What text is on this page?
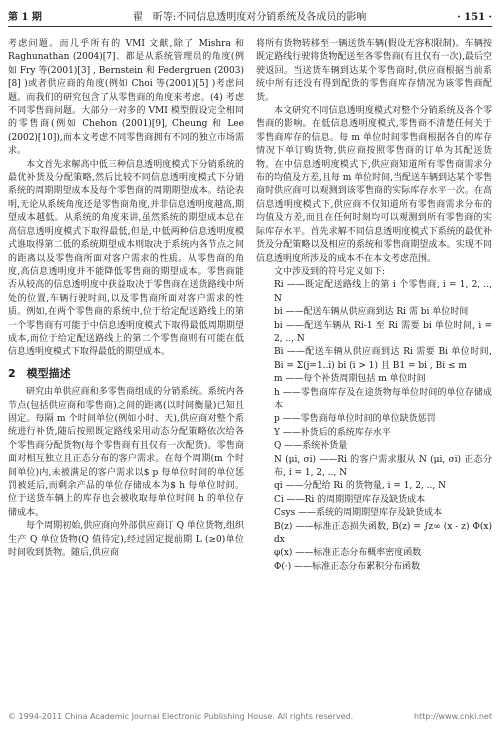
第 1 期	翟　昕等:不同信息透明度对分销系统及各成员的影响	· 151 ·

考虑问题。而几乎所有的 VMI 文献,除了 Mishra 和 Raghunathan (2004)[7]、都是从系统管理员的角度(例如 Fry 等(2001)[3] , Bernstein 和 Federgruen (2003)[8] )或者供应商的角度(例如 Choi 等(2001)[5] )考虑问题。而我们的研究包含了从零售商的角度来考虑。(4) 考虑不同零售商问题。大部分一对多的 VMI 模型假设完全相同的零售商(例如 Chehon (2001)[9], Cheung 和 Lee (2002)[10]),而本文考虑不同零售商拥有不同的独立市场需求。

本文首先求解高中低三种信息透明度模式下分销系统的最优补货及分配策略,然后比较不同信息透明度模式下分销系统的周期期望成本及每个零售商的周期期望成本。结论表明,无论从系统角度还是零售商角度,并非信息透明度越高,期望成本越低。从系统的角度来讲,虽然系统的期望成本总在高信息透明度模式下取得最低,但是,中低两种信息透明度模式谁取得第二低的系统期望成本则取决于系统内各节点之间的距离以及零售商所面对客户需求的性质。从零售商的角度,高信息透明度并不能降低零售商的期望成本。零售商能否从较高的信息透明度中获益取决于零售商在送货路线中所处的位置,车辆行驶时间,以及零售商所面对客户需求的性质。例如,在两个零售商的系统中,位于给定配送路线上的第一个零售商有可能于中信息透明度模式下取得最低周期期望成本,而位于给定配送路线上的第二个零售商则有可能在低信息透明度模式下取得最低的期望成本。

2　模型描述

研究由单供应商和多零售商组成的分销系统。系统内各节点(包括供应商和零售商)之间的距离(以时间衡量)已知且固定。每隔 m 个时间单位(例如小时、天),供应商对整个系统进行补货,随后按照既定路线采用动态分配策略依次给各个零售商分配货物(每个零售商有且仅有一次配货)。零售商面对相互独立且正态分布的客户需求。在每个周期(m 个时间单位)内,未被满足的客户需求以$ p 每单位时间的单位惩罚被延后,而剩余产品的单位存储成本为$ h 每单位时间。位于送货车辆上的库存也会被收取每单位时间 h 的单位存储成本。

每个周期初始,供应商向外部供应商订 Q 单位货物,组织生产 Q 单位货物(Q 值待定),经过固定提前期 L (≥0)单位时间收到货物。随后,供应商

将所有货物转移至一辆送货车辆(假设无容积限制)。车辆按既定路线行驶将货物配送至各零售商(有且仅有一次),最后空驶返回。当送货车辆到达某个零售商时,供应商根据当前系统中所有还没有得到配货的零售商库存情况为该零售商配货。

本文研究不同信息透明度模式对整个分销系统及各个零售商的影响。在低信息透明度模式,零售商不清楚任何关于零售商库存的信息。每 m 单位时间零售商根据各自的库存情况下单订购货物,供应商按照零售商的订单为其配送货物。在中信息透明度模式下,供应商知道所有零售商需求分布的均值及方差,且每 m 单位时间,当配送车辆到达某个零售商时供应商可以观测到该零售商的实际库存水平一次。在高信息透明度模式下,供应商不仅知道所有零售商需求分布的均值及方差,而且在任何时刻均可以观测到所有零售商的实际库存水平。首先求解不同信息透明度模式下系统的最优补货及分配策略以及相应的系统和零售商期望成本。实现不同信息透明度所涉及的成本不在本文考虑范围。

文中涉及到的符号定义如下:

Ri ——既定配送路线上的第 i 个零售商, i = 1, 2, .., N

bi ——配送车辆从供应商到达 Ri 需 bi 单位时间

bi ——配送车辆从 Ri-1 至 Ri 需要 bi 单位时间, i = 2, .., N

Bi ——配送车辆从供应商到达 Ri 需要 Bi 单位时间, Bi = Σ(j=1..i) bi (i > 1) 且 B1 = bi , Bi ≤ m

m ——每个补货周期包括 m 单位时间

h ——零售商库存及在途货物每单位时间的单位存储成本

p ——零售商每单位时间的单位缺货惩罚

Y ——补货后的系统库存水平

Q ——系统补货量

N (μi, σi) ——Ri 的客户需求服从 N (μi, σi) 正态分布, i = 1, 2, .., N

qi ——分配给 Ri 的货物量, i = 1, 2, .., N

Ci ——Ri 的周期期望库存及缺货成本

Csys ——系统的周期期望库存及缺货成本

B(z) ——标准正态损失函数, B(z) = ∫z∞ (x - z) Φ(x) dx

φ(x) ——标准正态分布概率密度函数

Φ(·) ——标准正态分布累积分布函数

© 1994-2011 China Academic Journal Electronic Publishing House. All rights reserved.	http://www.cnki.net
